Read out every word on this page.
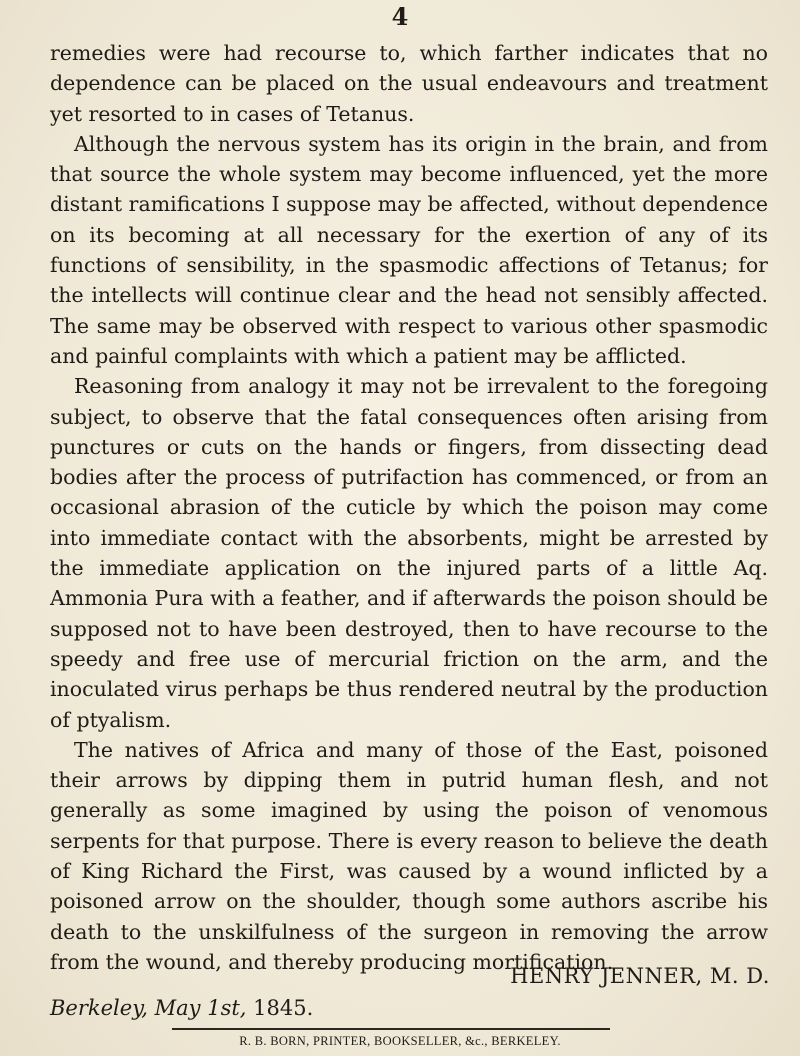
4

remedies were had recourse to, which farther indicates that no dependence can be placed on the usual endeavours and treatment yet resorted to in cases of Tetanus.

Although the nervous system has its origin in the brain, and from that source the whole system may become influenced, yet the more distant ramifications I suppose may be affected, without dependence on its becoming at all necessary for the exertion of any of its functions of sensibility, in the spasmodic affections of Tetanus; for the intellects will continue clear and the head not sensibly affected. The same may be observed with respect to various other spasmodic and painful complaints with which a patient may be afflicted.

Reasoning from analogy it may not be irrevalent to the foregoing subject, to observe that the fatal consequences often arising from punctures or cuts on the hands or fingers, from dissecting dead bodies after the process of putrifaction has commenced, or from an occasional abrasion of the cuticle by which the poison may come into immediate contact with the absorbents, might be arrested by the immediate application on the injured parts of a little Aq. Ammonia Pura with a feather, and if afterwards the poison should be supposed not to have been destroyed, then to have recourse to the speedy and free use of mercurial friction on the arm, and the inoculated virus perhaps be thus rendered neutral by the production of ptyalism.

The natives of Africa and many of those of the East, poisoned their arrows by dipping them in putrid human flesh, and not generally as some imagined by using the poison of venomous serpents for that purpose. There is every reason to believe the death of King Richard the First, was caused by a wound inflicted by a poisoned arrow on the shoulder, though some authors ascribe his death to the unskilfulness of the surgeon in removing the arrow from the wound, and thereby producing mortification.

HENRY JENNER, M. D.
Berkeley, May 1st, 1845.
R. B. BORN, PRINTER, BOOKSELLER, &c., BERKELEY.
